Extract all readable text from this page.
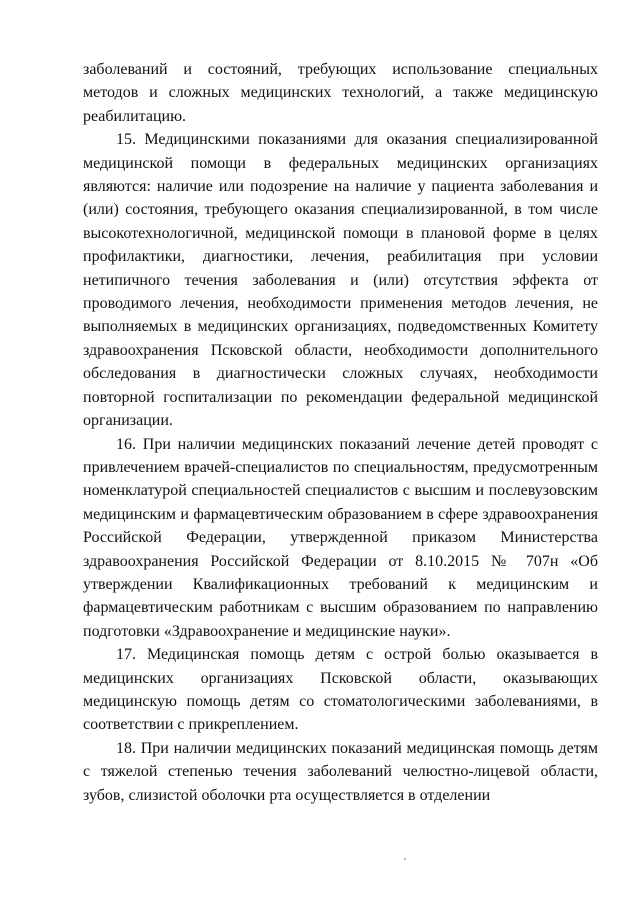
заболеваний и состояний, требующих использование специальных методов и сложных медицинских технологий, а также медицинскую реабилитацию.

15. Медицинскими показаниями для оказания специализированной медицинской помощи в федеральных медицинских организациях являются: наличие или подозрение на наличие у пациента заболевания и (или) состояния, требующего оказания специализированной, в том числе высокотехнологичной, медицинской помощи в плановой форме в целях профилактики, диагностики, лечения, реабилитация при условии нетипичного течения заболевания и (или) отсутствия эффекта от проводимого лечения, необходимости применения методов лечения, не выполняемых в медицинских организациях, подведомственных Комитету здравоохранения Псковской области, необходимости дополнительного обследования в диагностически сложных случаях, необходимости повторной госпитализации по рекомендации федеральной медицинской организации.

16. При наличии медицинских показаний лечение детей проводят с привлечением врачей-специалистов по специальностям, предусмотренным номенклатурой специальностей специалистов с высшим и послевузовским медицинским и фармацевтическим образованием в сфере здравоохранения Российской Федерации, утвержденной приказом Министерства здравоохранения Российской Федерации от 8.10.2015 № 707н «Об утверждении Квалификационных требований к медицинским и фармацевтическим работникам с высшим образованием по направлению подготовки «Здравоохранение и медицинские науки».

17. Медицинская помощь детям с острой болью оказывается в медицинских организациях Псковской области, оказывающих медицинскую помощь детям со стоматологическими заболеваниями, в соответствии с прикреплением.

18. При наличии медицинских показаний медицинская помощь детям с тяжелой степенью течения заболеваний челюстно-лицевой области, зубов, слизистой оболочки рта осуществляется в отделении
